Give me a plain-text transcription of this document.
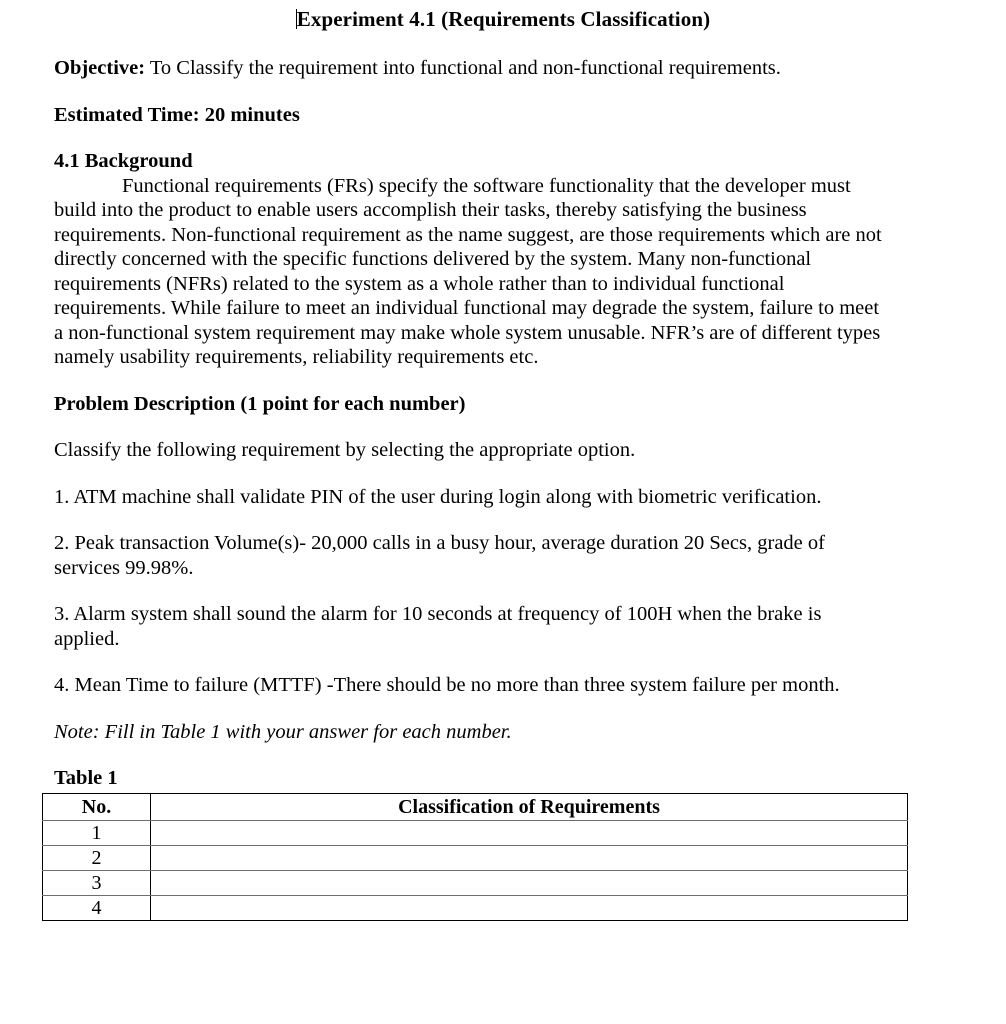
Experiment 4.1 (Requirements Classification)

Objective: To Classify the requirement into functional and non-functional requirements.

Estimated Time: 20 minutes

4.1 Background

Functional requirements (FRs) specify the software functionality that the developer must build into the product to enable users accomplish their tasks, thereby satisfying the business requirements. Non-functional requirement as the name suggest, are those requirements which are not directly concerned with the specific functions delivered by the system. Many non-functional requirements (NFRs) related to the system as a whole rather than to individual functional requirements. While failure to meet an individual functional may degrade the system, failure to meet a non-functional system requirement may make whole system unusable. NFR’s are of different types namely usability requirements, reliability requirements etc.

Problem Description (1 point for each number)

Classify the following requirement by selecting the appropriate option.

1. ATM machine shall validate PIN of the user during login along with biometric verification.

2. Peak transaction Volume(s)- 20,000 calls in a busy hour, average duration 20 Secs, grade of services 99.98%.

3. Alarm system shall sound the alarm for 10 seconds at frequency of 100H when the brake is applied.

4. Mean Time to failure (MTTF) -There should be no more than three system failure per month.

Note: Fill in Table 1 with your answer for each number.

Table 1

No.	Classification of Requirements
1	
2	
3	
4	
